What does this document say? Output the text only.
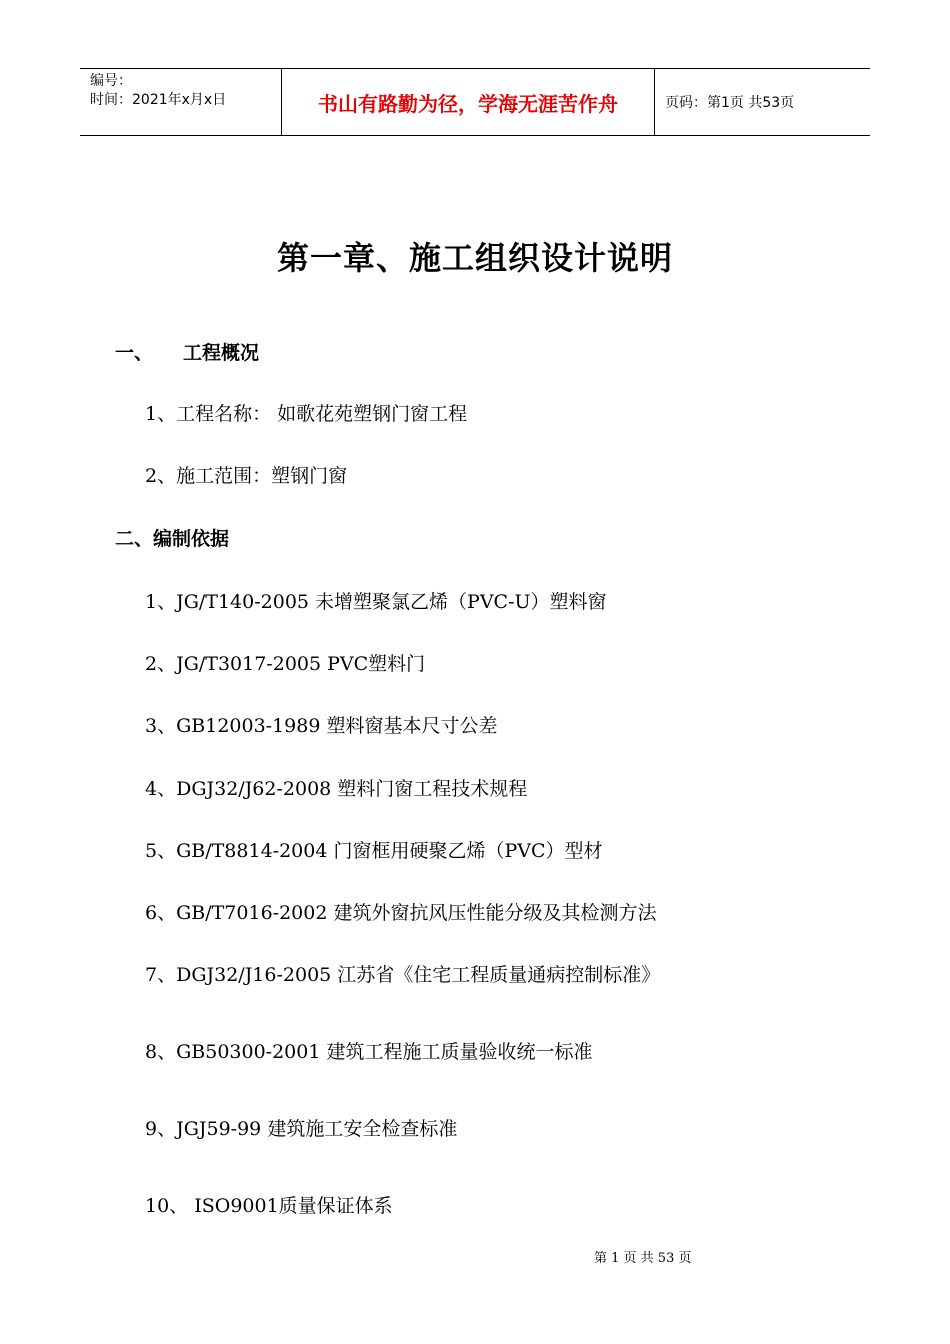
编号：
时间：2021年x月x日	书山有路勤为径，学海无涯苦作舟	页码：第1页 共53页
第一章、施工组织设计说明
一、 工程概况
1、工程名称： 如歌花苑塑钢门窗工程
2、施工范围：塑钢门窗
二、编制依据
1、JG/T140-2005 未增塑聚氯乙烯（PVC-U）塑料窗
2、JG/T3017-2005 PVC塑料门
3、GB12003-1989 塑料窗基本尺寸公差
4、DGJ32/J62-2008 塑料门窗工程技术规程
5、GB/T8814-2004 门窗框用硬聚乙烯（PVC）型材
6、GB/T7016-2002 建筑外窗抗风压性能分级及其检测方法
7、DGJ32/J16-2005 江苏省《住宅工程质量通病控制标准》
8、GB50300-2001 建筑工程施工质量验收统一标准
9、JGJ59-99 建筑施工安全检查标准
10、 ISO9001质量保证体系
第 1 页 共 53 页
